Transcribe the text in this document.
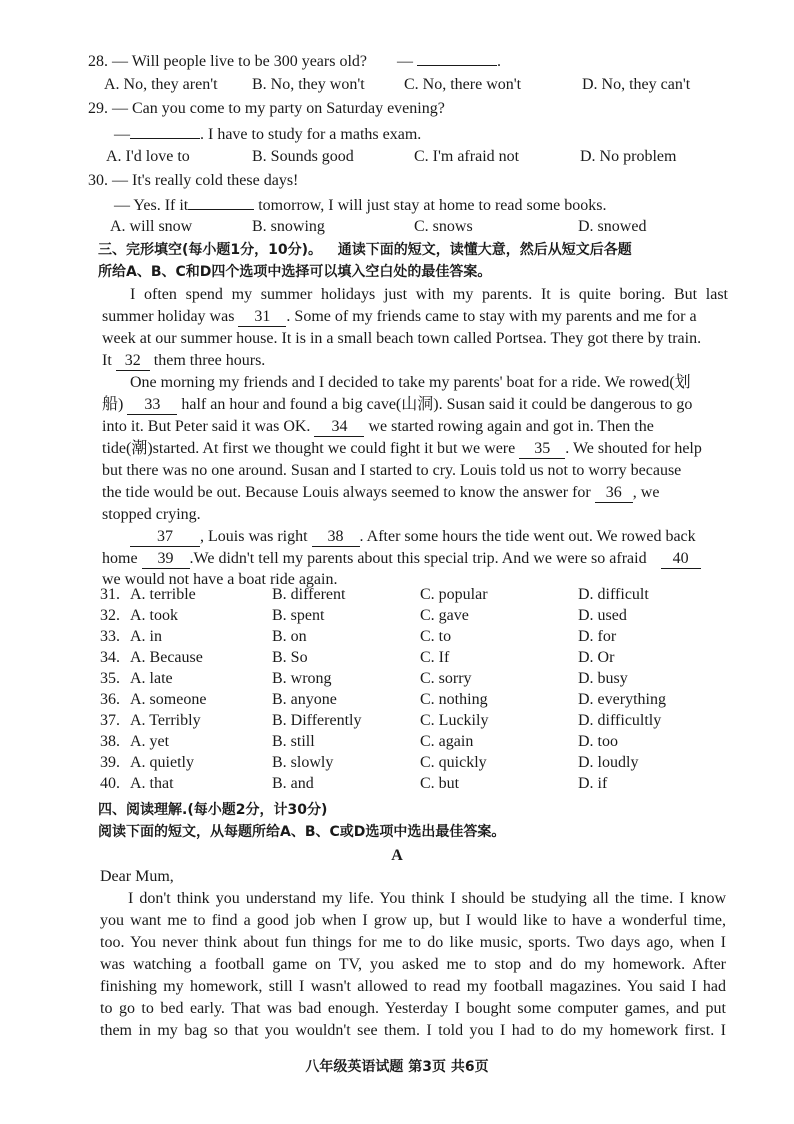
28. — Will people live to be 300 years old? —	.
A. No, they aren't B. No, they won't C. No, there won't	D. No, they can't
29. — Can you come to my party on Saturday evening?
—	. I have to study for a maths exam.
A. I'd love to	B. Sounds good	C. I'm afraid not	D. No problem
30. — It's really cold these days!
— Yes. If it	tomorrow, I will just stay at home to read some books.
A. will snow	B. snowing	C. snows	D. snowed
三、完形填空(每小题1分，10分)。 通读下面的短文，读懂大意，然后从短文后各题
所给A、B、C和D四个选项中选择可以填入空白处的最佳答案。
I often spend my summer holidays just with my parents. It is quite boring. But last
summer holiday was 31 . Some of my friends came to stay with my parents and me for a
week at our summer house. It is in a small beach town called Portsea. They got there by train.
It 32 them three hours.
One morning my friends and I decided to take my parents' boat for a ride. We rowed(划
船) 33 half an hour and found a big cave(山洞). Susan said it could be dangerous to go
into it. But Peter said it was OK. 34 we started rowing again and got in. Then the
tide(潮)started. At first we thought we could fight it but we were 35 . We shouted for help
but there was no one around. Susan and I started to cry. Louis told us not to worry because
the tide would be out. Because Louis always seemed to know the answer for 36 , we
stopped crying.
37 , Louis was right 38 . After some hours the tide went out. We rowed back
home 39 .We didn't tell my parents about this special trip. And we were so afraid 40
we would not have a boat ride again.
31. A. terrible	B. different	C. popular	D. difficult
32. A. took	B. spent	C. gave	D. used
33. A. in	B. on	C. to	D. for
34. A. Because	B. So	C. If	D. Or
35. A. late	B. wrong	C. sorry	D. busy
36. A. someone	B. anyone	C. nothing	D. everything
37. A. Terribly	B. Differently	C. Luckily	D. difficultly
38. A. yet	B. still	C. again	D. too
39. A. quietly	B. slowly	C. quickly	D. loudly
40. A. that	B. and	C. but	D. if
四、阅读理解.(每小题2分，计30分)
阅读下面的短文，从每题所给A、B、C或D选项中选出最佳答案。
A
Dear Mum,
I don't think you understand my life. You think I should be studying all the time. I know
you want me to find a good job when I grow up, but I would like to have a wonderful time,
too. You never think about fun things for me to do like music, sports. Two days ago, when I
was watching a football game on TV, you asked me to stop and do my homework. After
finishing my homework, still I wasn't allowed to read my football magazines. You said I had
to go to bed early. That was bad enough. Yesterday I bought some computer games, and put
them in my bag so that you wouldn't see them. I told you I had to do my homework first. I
八年级英语试题 第3页 共6页
